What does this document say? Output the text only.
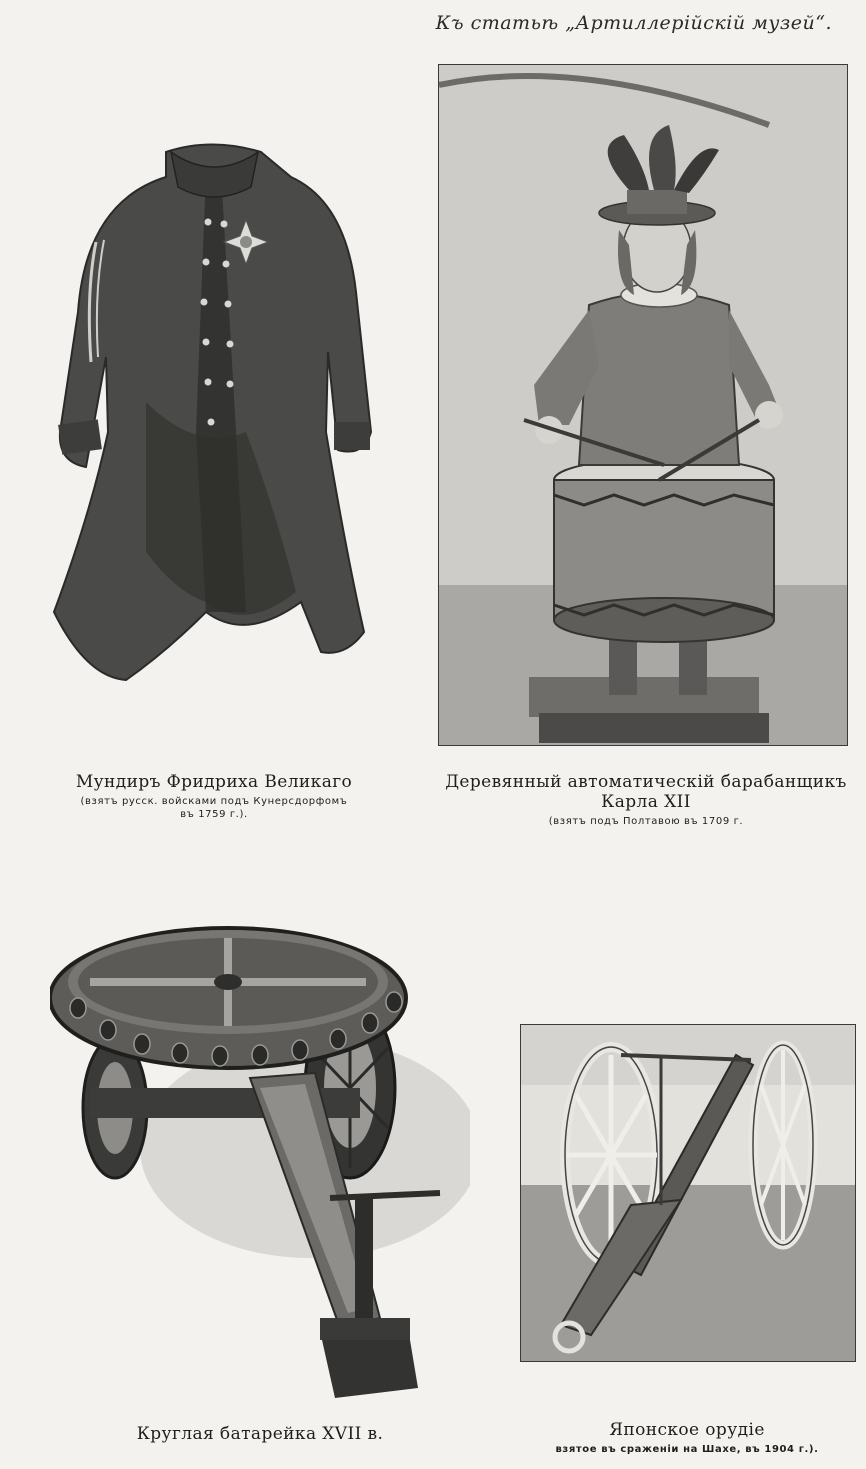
Къ статьѣ „Артиллерійскій музей“.
Мундиръ Фридриха Великаго
(взятъ русск. войсками подъ Кунерсдорфомъ
въ 1759 г.).
Деревянный автоматическій барабанщикъ
Карла XII
(взятъ подъ Полтавою въ 1709 г.
Круглая батарейка XVII в.	Японское орудіе
взятое въ сраженіи на Шахе, въ 1904 г.).
